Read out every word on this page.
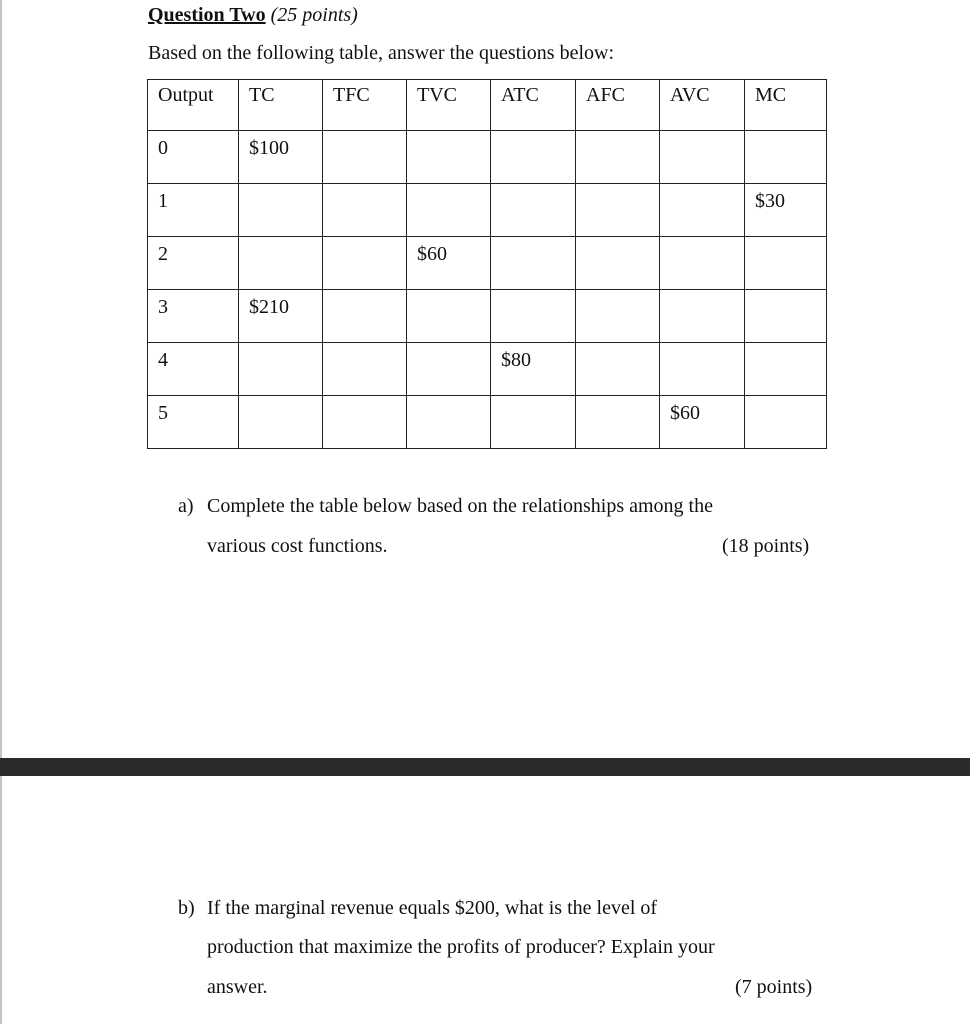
Question Two (25 points)
Based on the following table, answer the questions below:
Output	TC	TFC	TVC	ATC	AFC	AVC	MC
0	$100						
1							$30
2			$60				
3	$210						
4				$80			
5						$60	
a) Complete the table below based on the relationships among the
various cost functions.	(18 points)
b) If the marginal revenue equals $200, what is the level of
production that maximize the profits of producer? Explain your
answer.	(7 points)
